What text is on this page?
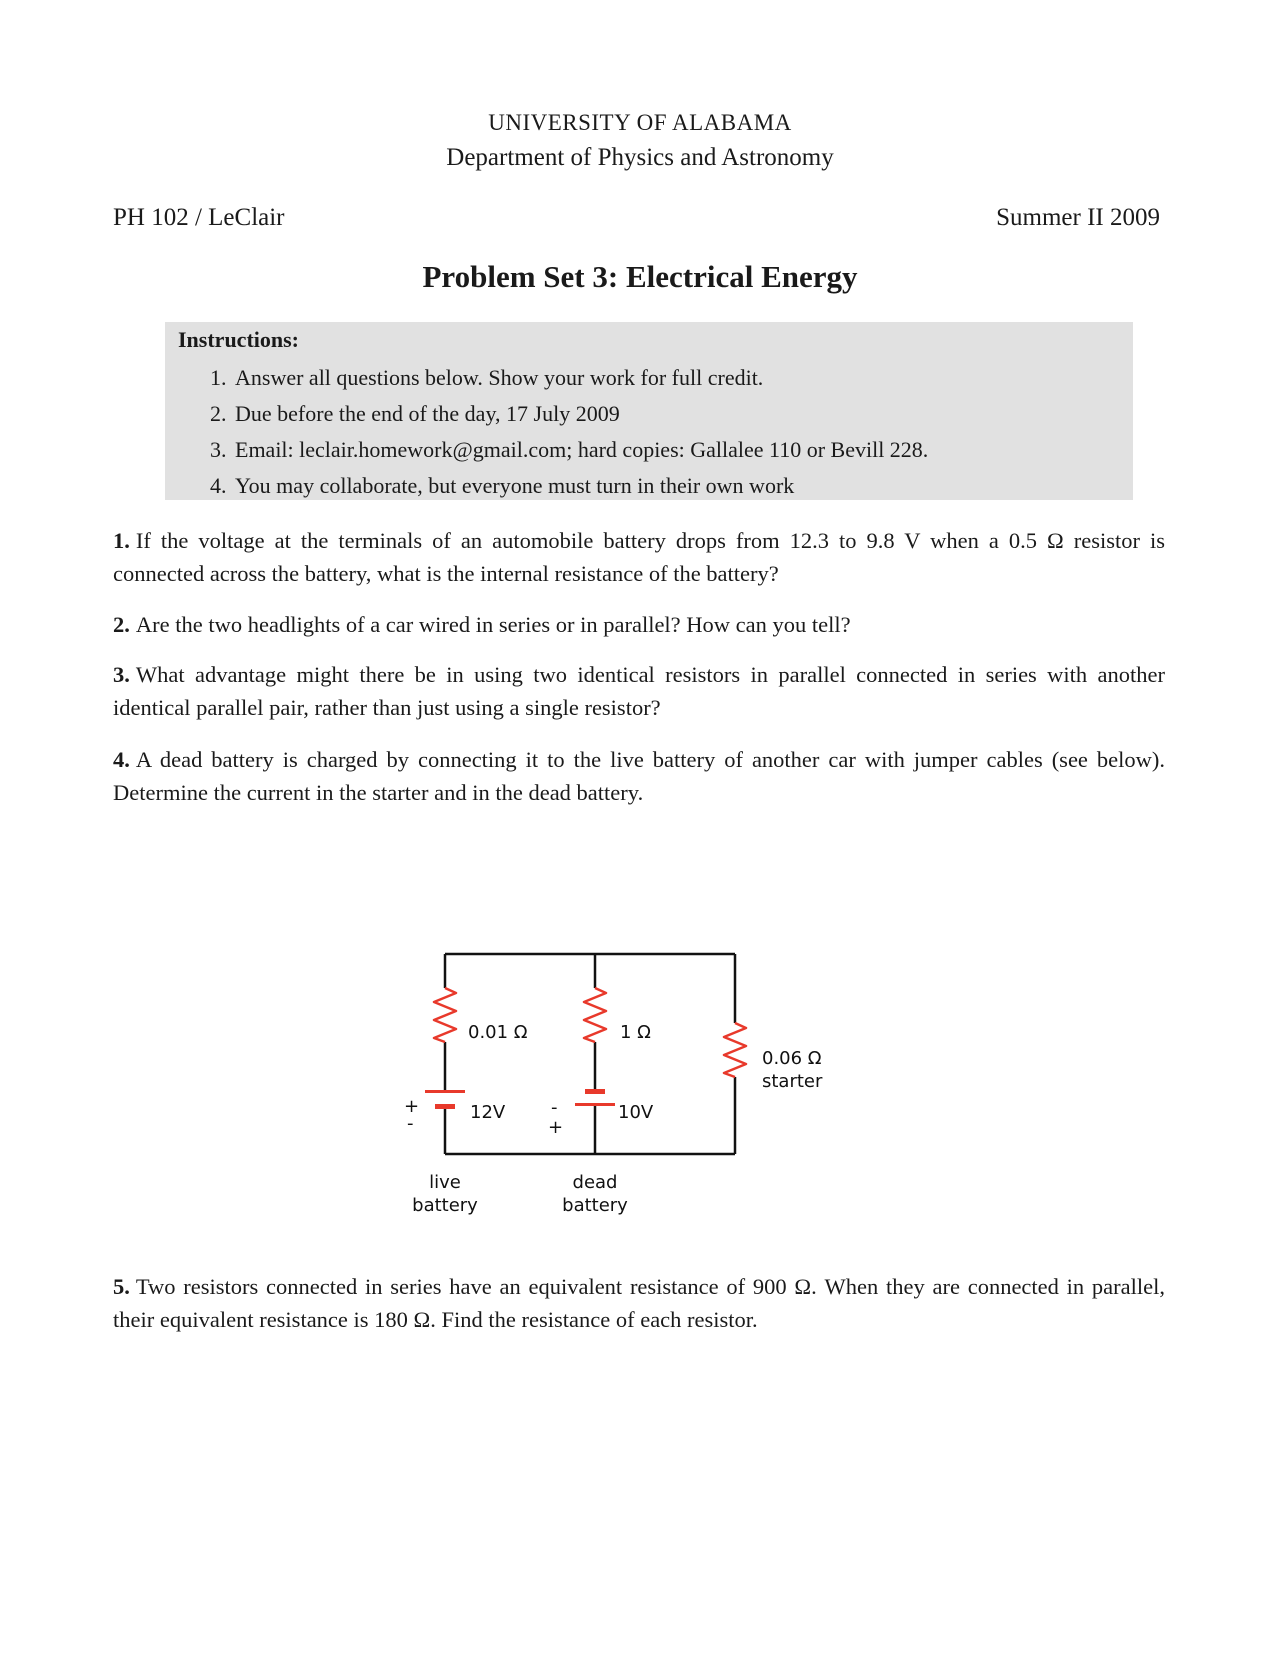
UNIVERSITY OF ALABAMA
Department of Physics and Astronomy
PH 102 / LeClair	Summer II 2009
Problem Set 3: Electrical Energy
Instructions:
1. Answer all questions below. Show your work for full credit.
2. Due before the end of the day, 17 July 2009
3. Email: leclair.homework@gmail.com; hard copies: Gallalee 110 or Bevill 228.
4. You may collaborate, but everyone must turn in their own work
1. If the voltage at the terminals of an automobile battery drops from 12.3 to 9.8 V when a 0.5 Ω resistor is connected across the battery, what is the internal resistance of the battery?
2. Are the two headlights of a car wired in series or in parallel? How can you tell?
3. What advantage might there be in using two identical resistors in parallel connected in series with another identical parallel pair, rather than just using a single resistor?
4. A dead battery is charged by connecting it to the live battery of another car with jumper cables (see below). Determine the current in the starter and in the dead battery.
0.01 Ω	1 Ω
0.06 Ω
starter
12V	10V
+
-
-
+
live
battery
dead
battery
5. Two resistors connected in series have an equivalent resistance of 900 Ω. When they are connected in parallel, their equivalent resistance is 180 Ω. Find the resistance of each resistor.
